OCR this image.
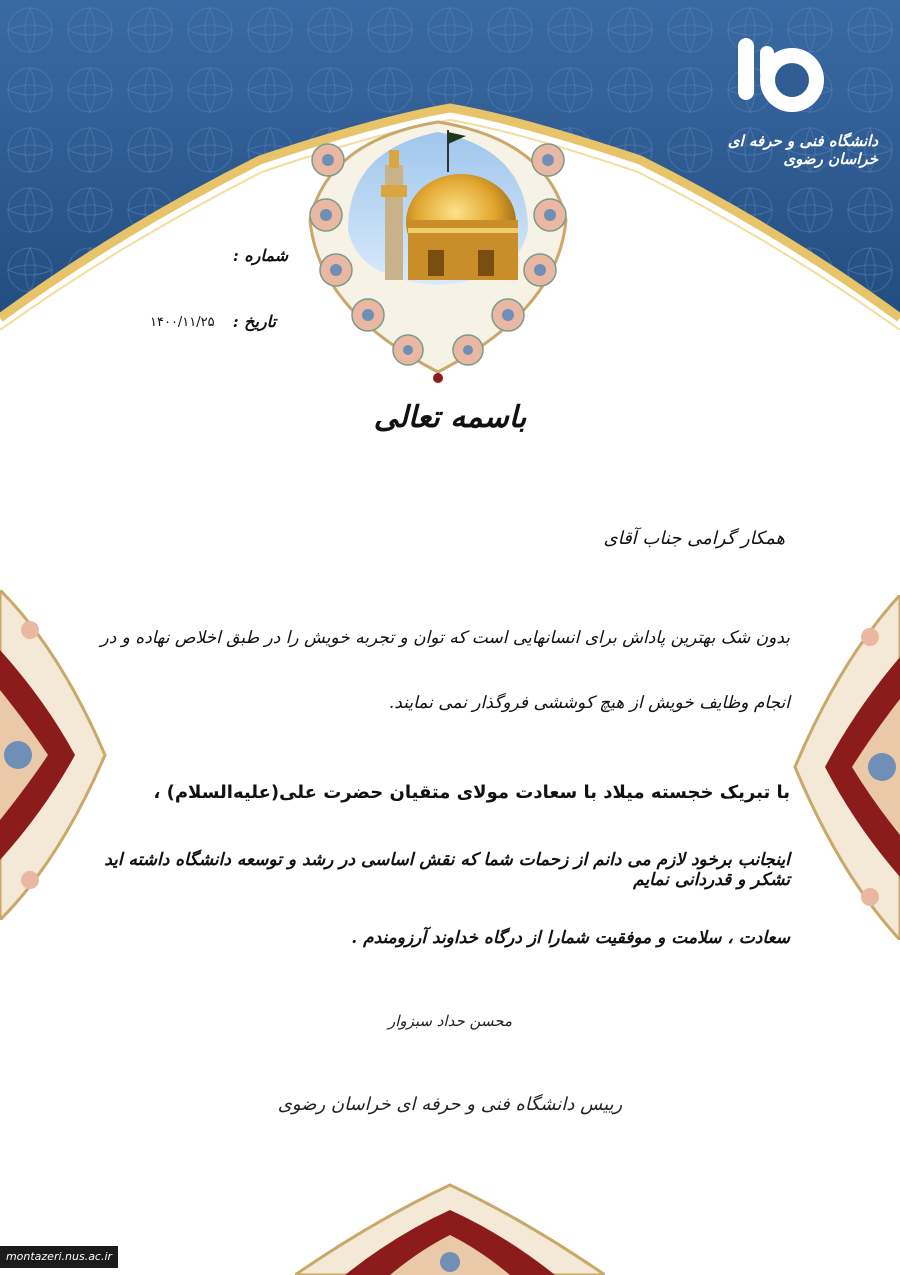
دانشگاه فنی و حرفه ای خراسان رضوی
شماره :
تاریخ :
۱۴۰۰/۱۱/۲۵
باسمه تعالی
همکار گرامی جناب آقای
بدون شک بهترین پاداش برای انسانهایی است که توان و تجربه خویش را در طبق اخلاص نهاده و در
انجام وظایف خویش از هیچ کوششی فروگذار نمی نمایند.
با تبریک خجسته میلاد با سعادت مولای متقیان حضرت علی(علیه‌السلام) ،
اینجانب برخود لازم می دانم از زحمات شما که نقش اساسی در رشد و توسعه دانشگاه داشته اید تشکر و قدردانی نمایم
سعادت ، سلامت و موفقیت شمارا از درگاه خداوند آرزومندم .
محسن حداد سبزوار
رییس دانشگاه فنی و حرفه ای خراسان رضوی
montazeri.nus.ac.ir
